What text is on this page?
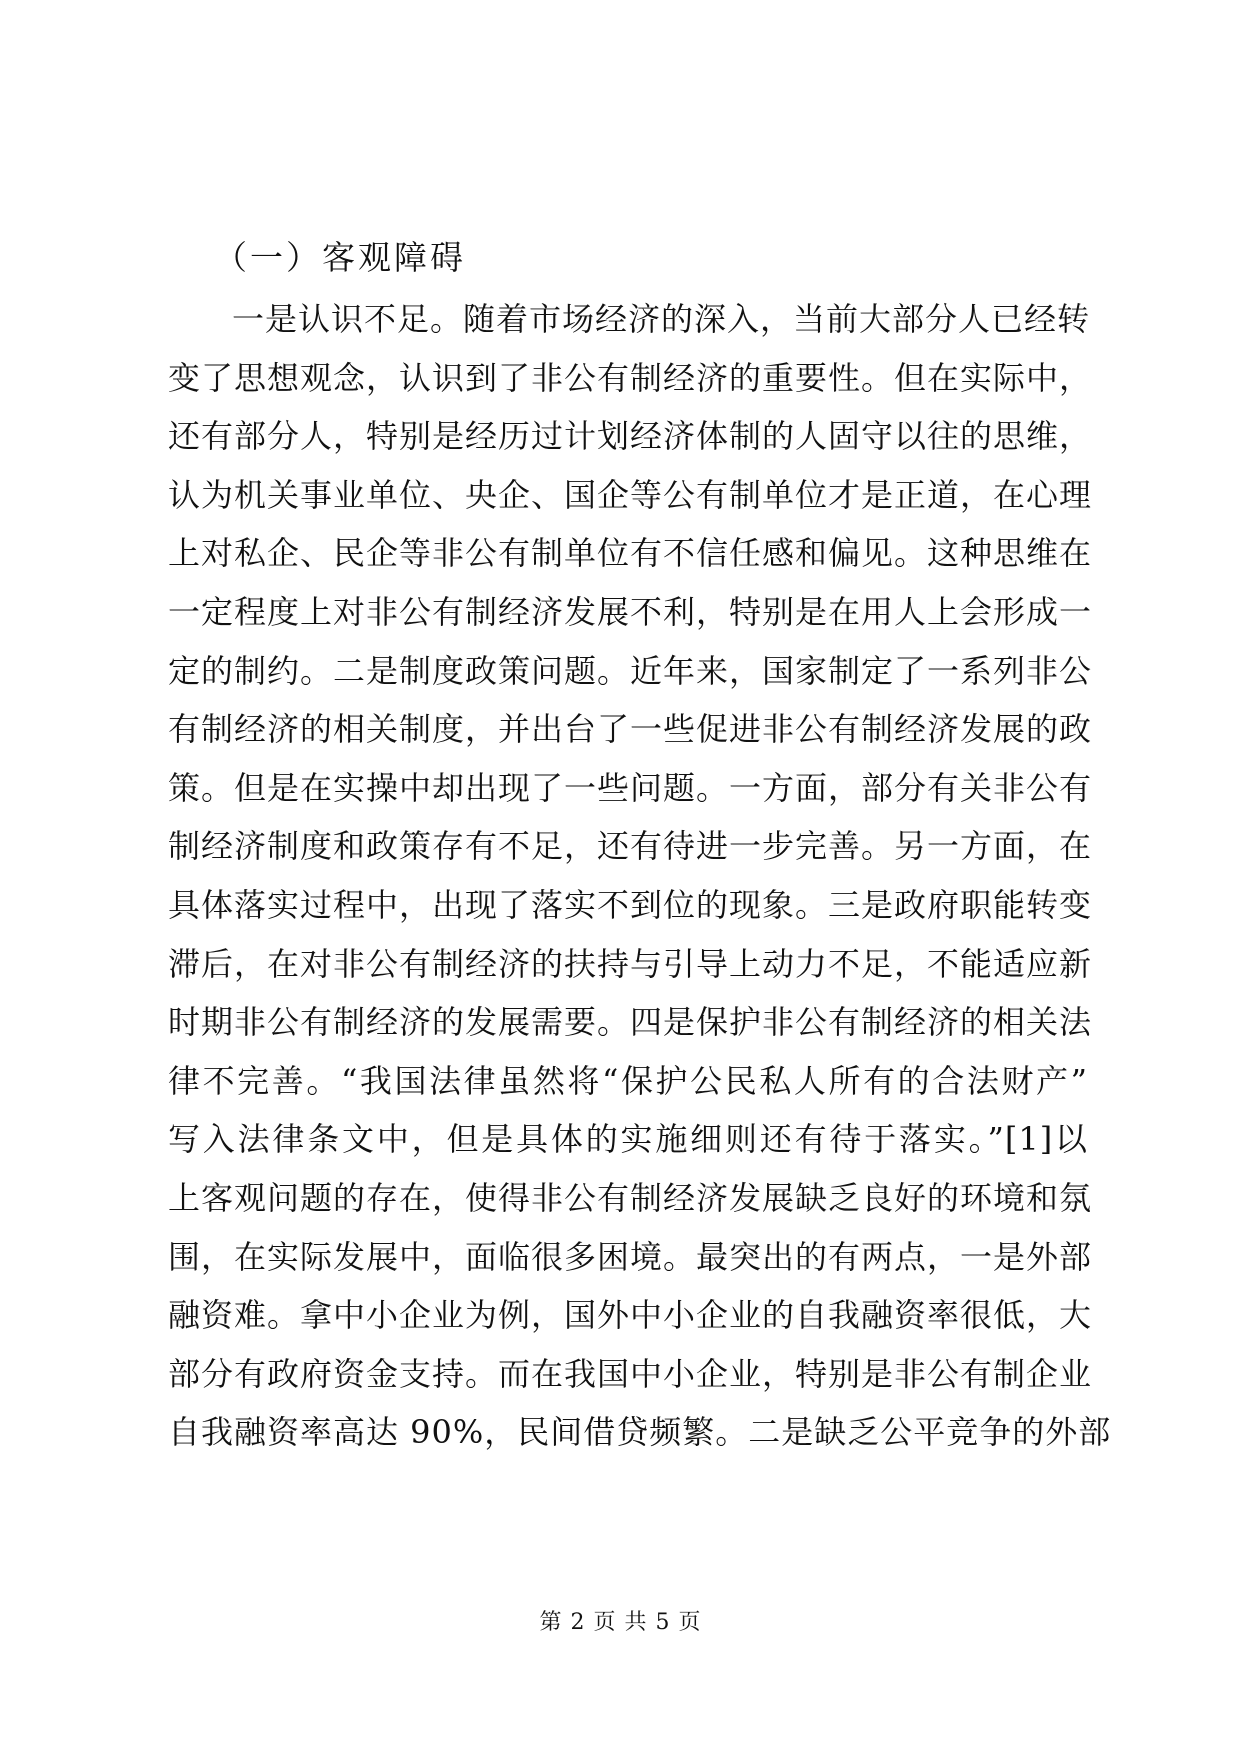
（一）客观障碍
一是认识不足。随着市场经济的深入，当前大部分人已经转
变了思想观念，认识到了非公有制经济的重要性。但在实际中，
还有部分人，特别是经历过计划经济体制的人固守以往的思维，
认为机关事业单位、央企、国企等公有制单位才是正道，在心理
上对私企、民企等非公有制单位有不信任感和偏见。这种思维在
一定程度上对非公有制经济发展不利，特别是在用人上会形成一
定的制约。二是制度政策问题。近年来，国家制定了一系列非公
有制经济的相关制度，并出台了一些促进非公有制经济发展的政
策。但是在实操中却出现了一些问题。一方面，部分有关非公有
制经济制度和政策存有不足，还有待进一步完善。另一方面，在
具体落实过程中，出现了落实不到位的现象。三是政府职能转变
滞后，在对非公有制经济的扶持与引导上动力不足，不能适应新
时期非公有制经济的发展需要。四是保护非公有制经济的相关法
律不完善。“我国法律虽然将“保护公民私人所有的合法财产”
写入法律条文中，但是具体的实施细则还有待于落实。”[1]以
上客观问题的存在，使得非公有制经济发展缺乏良好的环境和氛
围，在实际发展中，面临很多困境。最突出的有两点，一是外部
融资难。拿中小企业为例，国外中小企业的自我融资率很低，大
部分有政府资金支持。而在我国中小企业，特别是非公有制企业
自我融资率高达 90%，民间借贷频繁。二是缺乏公平竞争的外部
第 2 页 共 5 页
